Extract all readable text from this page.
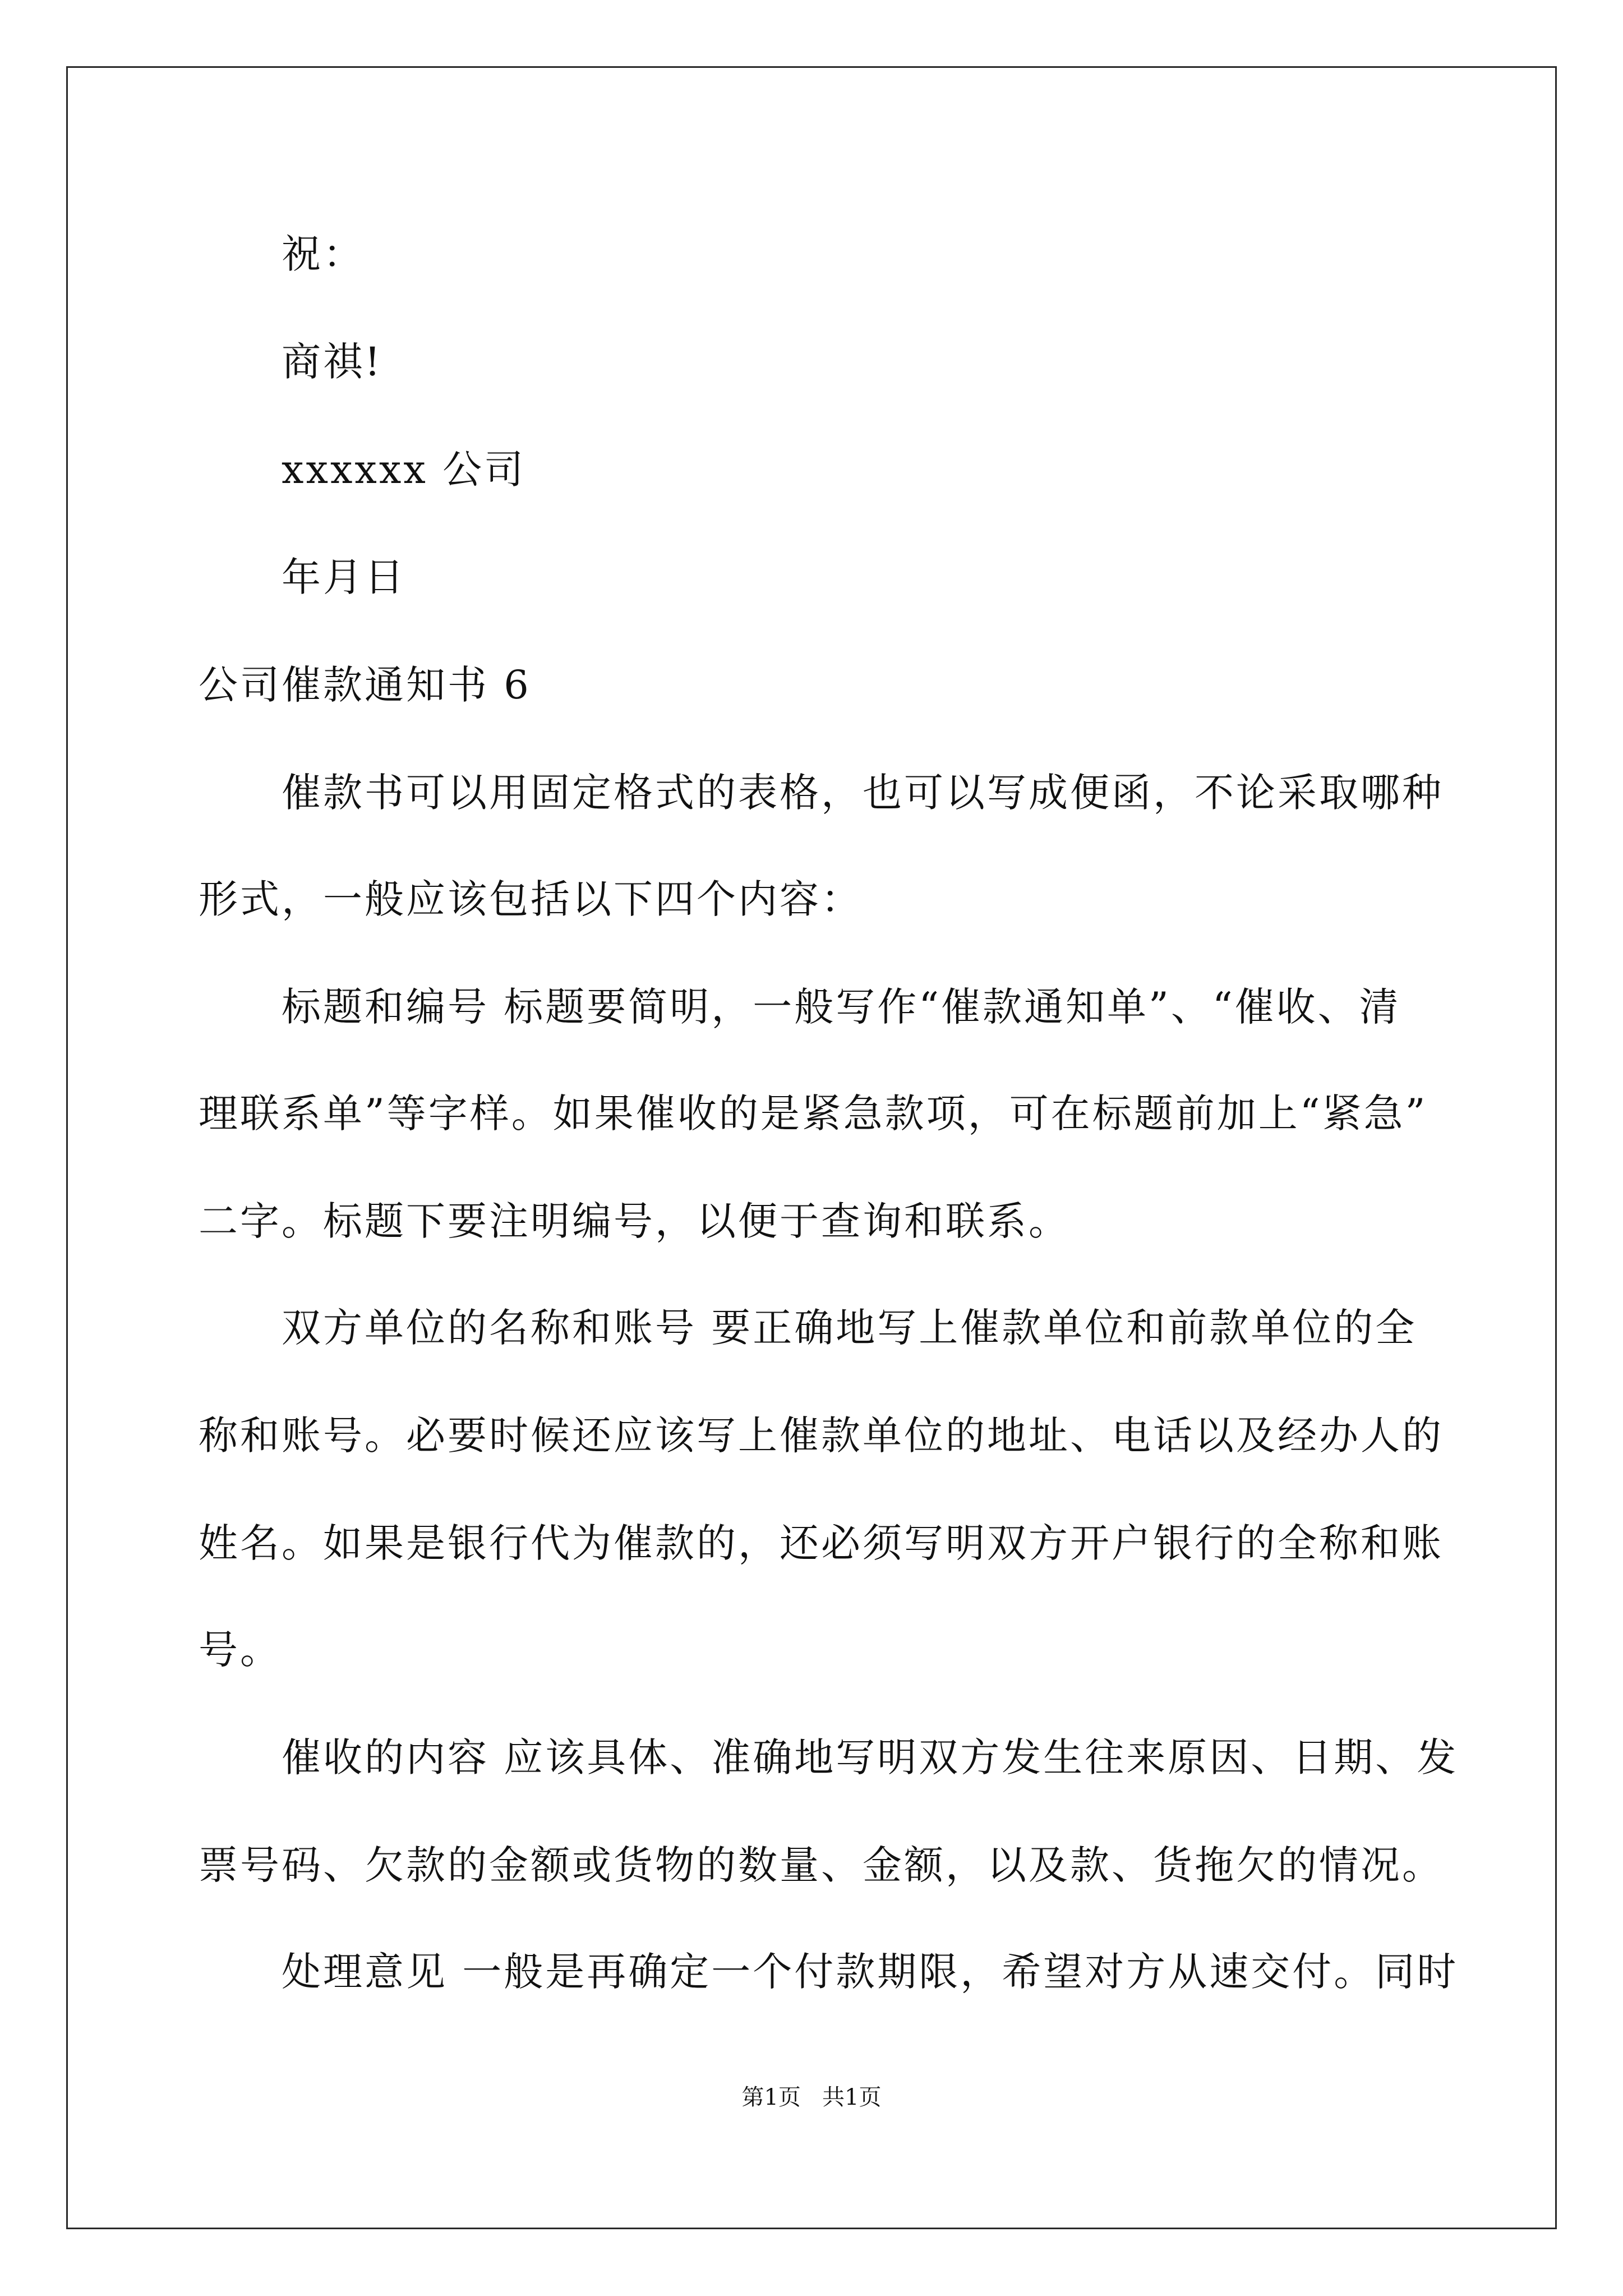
祝：
商祺!
xxxxxx 公司
年月日
公司催款通知书 6
催款书可以用固定格式的表格，也可以写成便函，不论采取哪种
形式，一般应该包括以下四个内容：
标题和编号 标题要简明，一般写作“催款通知单”、“催收、清
理联系单”等字样。如果催收的是紧急款项，可在标题前加上“紧急”
二字。标题下要注明编号，以便于查询和联系。
双方单位的名称和账号 要正确地写上催款单位和前款单位的全
称和账号。必要时候还应该写上催款单位的地址、电话以及经办人的
姓名。如果是银行代为催款的，还必须写明双方开户银行的全称和账
号。
催收的内容 应该具体、准确地写明双方发生往来原因、日期、发
票号码、欠款的金额或货物的数量、金额，以及款、货拖欠的情况。
处理意见 一般是再确定一个付款期限，希望对方从速交付。同时
第1页   共1页
